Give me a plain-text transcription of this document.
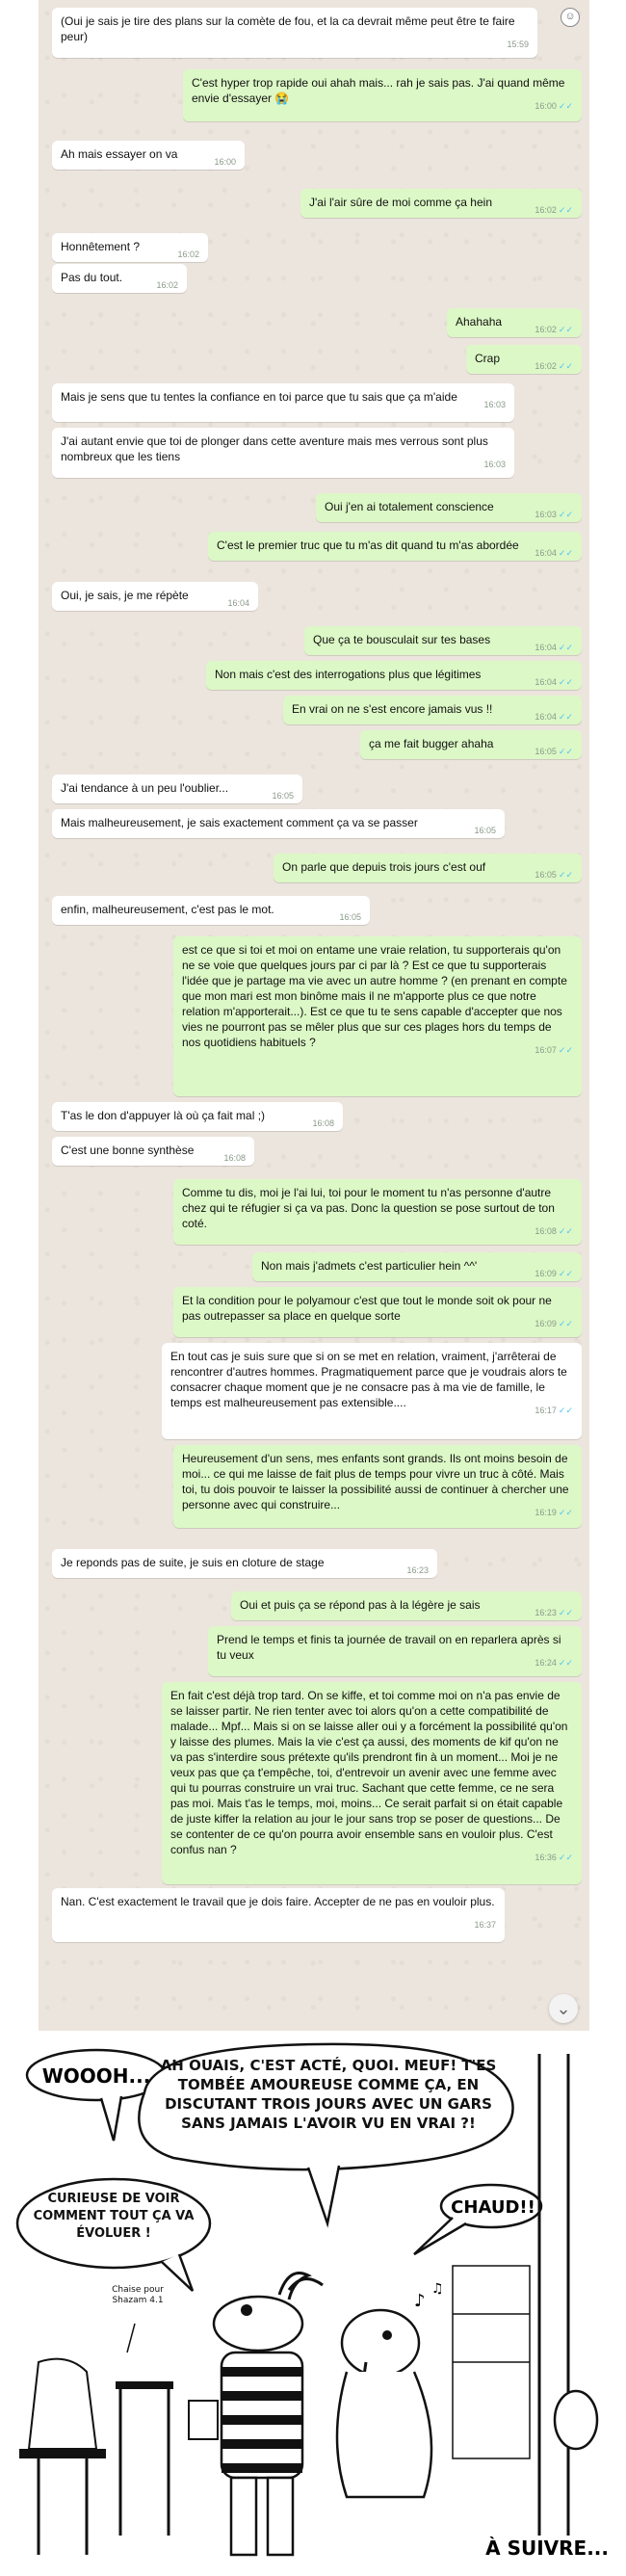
(Oui je sais je tire des plans sur la comète de fou, et la ca devrait même peut être te faire peur)
15:59
C'est hyper trop rapide oui ahah mais... rah je sais pas. J'ai quand même envie d'essayer 😭
16:00 ✓✓
Ah mais essayer on va
16:00
J'ai l'air sûre de moi comme ça hein
16:02 ✓✓
Honnêtement ?
16:02
Pas du tout.
16:02
Ahahaha
16:02 ✓✓
Crap
16:02 ✓✓
Mais je sens que tu tentes la confiance en toi parce que tu sais que ça m'aide
16:03
J'ai autant envie que toi de plonger dans cette aventure mais mes verrous sont plus nombreux que les tiens
16:03
Oui j'en ai totalement conscience
16:03 ✓✓
C'est le premier truc que tu m'as dit quand tu m'as abordée
16:04 ✓✓
Oui, je sais, je me répète
16:04
Que ça te bousculait sur tes bases
16:04 ✓✓
Non mais c'est des interrogations plus que légitimes
16:04 ✓✓
En vrai on ne s'est encore jamais vus !!
16:04 ✓✓
ça me fait bugger ahaha
16:05 ✓✓
J'ai tendance à un peu l'oublier...
16:05
Mais malheureusement, je sais exactement comment ça va se passer
16:05
On parle que depuis trois jours c'est ouf
16:05 ✓✓
enfin, malheureusement, c'est pas le mot.
16:05
est ce que si toi et moi on entame une vraie relation, tu supporterais qu'on ne se voie que quelques jours par ci par là ? Est ce que tu supporterais l'idée que je partage ma vie avec un autre homme ? (en prenant en compte que mon mari est mon binôme mais il ne m'apporte plus ce que notre relation m'apporterait...). Est ce que tu te sens capable d'accepter que nos vies ne pourront pas se mêler plus que sur ces plages hors du temps de nos quotidiens habituels ?
16:07 ✓✓
T'as le don d'appuyer là où ça fait mal ;)
16:08
C'est une bonne synthèse
16:08
Comme tu dis, moi je l'ai lui, toi pour le moment tu n'as personne d'autre chez qui te réfugier si ça va pas. Donc la question se pose surtout de ton coté.
16:08 ✓✓
Non mais j'admets c'est particulier hein ^^'
16:09 ✓✓
Et la condition pour le polyamour c'est que tout le monde soit ok pour ne pas outrepasser sa place en quelque sorte
16:09 ✓✓
En tout cas je suis sure que si on se met en relation, vraiment, j'arrêterai de rencontrer d'autres hommes. Pragmatiquement parce que je voudrais alors te consacrer chaque moment que je ne consacre pas à ma vie de famille, le temps est malheureusement pas extensible....
16:17 ✓✓
Heureusement d'un sens, mes enfants sont grands. Ils ont moins besoin de moi... ce qui me laisse de fait plus de temps pour vivre un truc à côté. Mais toi, tu dois pouvoir te laisser la possibilité aussi de continuer à chercher une personne avec qui construire...
16:19 ✓✓
Je reponds pas de suite, je suis en cloture de stage
16:23
Oui et puis ça se répond pas à la légère je sais
16:23 ✓✓
Prend le temps et finis ta journée de travail on en reparlera après si tu veux
16:24 ✓✓
En fait c'est déjà trop tard. On se kiffe, et toi comme moi on n'a pas envie de se laisser partir. Ne rien tenter avec toi alors qu'on a cette compatibilité de malade... Mpf... Mais si on se laisse aller oui y a forcément la possibilité qu'on y laisse des plumes. Mais la vie c'est ça aussi, des moments de kif qu'on ne va pas s'interdire sous prétexte qu'ils prendront fin à un moment... Moi je ne veux pas que ça t'empêche, toi, d'entrevoir un avenir avec une femme avec qui tu pourras construire un vrai truc. Sachant que cette femme, ce ne sera pas moi. Mais t'as le temps, moi, moins... Ce serait parfait si on était capable de juste kiffer la relation au jour le jour sans trop se poser de questions... De se contenter de ce qu'on pourra avoir ensemble sans en vouloir plus. C'est confus nan ?
16:36 ✓✓
Nan. C'est exactement le travail que je dois faire. Accepter de ne pas en vouloir plus.
16:37
☺
⌄
WOOOH... AH OUAIS, C'EST ACTÉ, QUOI. MEUF! T'ES TOMBÉE AMOUREUSE COMME ÇA, EN DISCUTANT TROIS JOURS AVEC UN GARS SANS JAMAIS L'AVOIR VU EN VRAI ?!
CHAUD!!
CURIEUSE DE VOIR COMMENT TOUT ÇA VA ÉVOLUER !
Chaise pour Shazam 4.1	♪
♫
À SUIVRE...
